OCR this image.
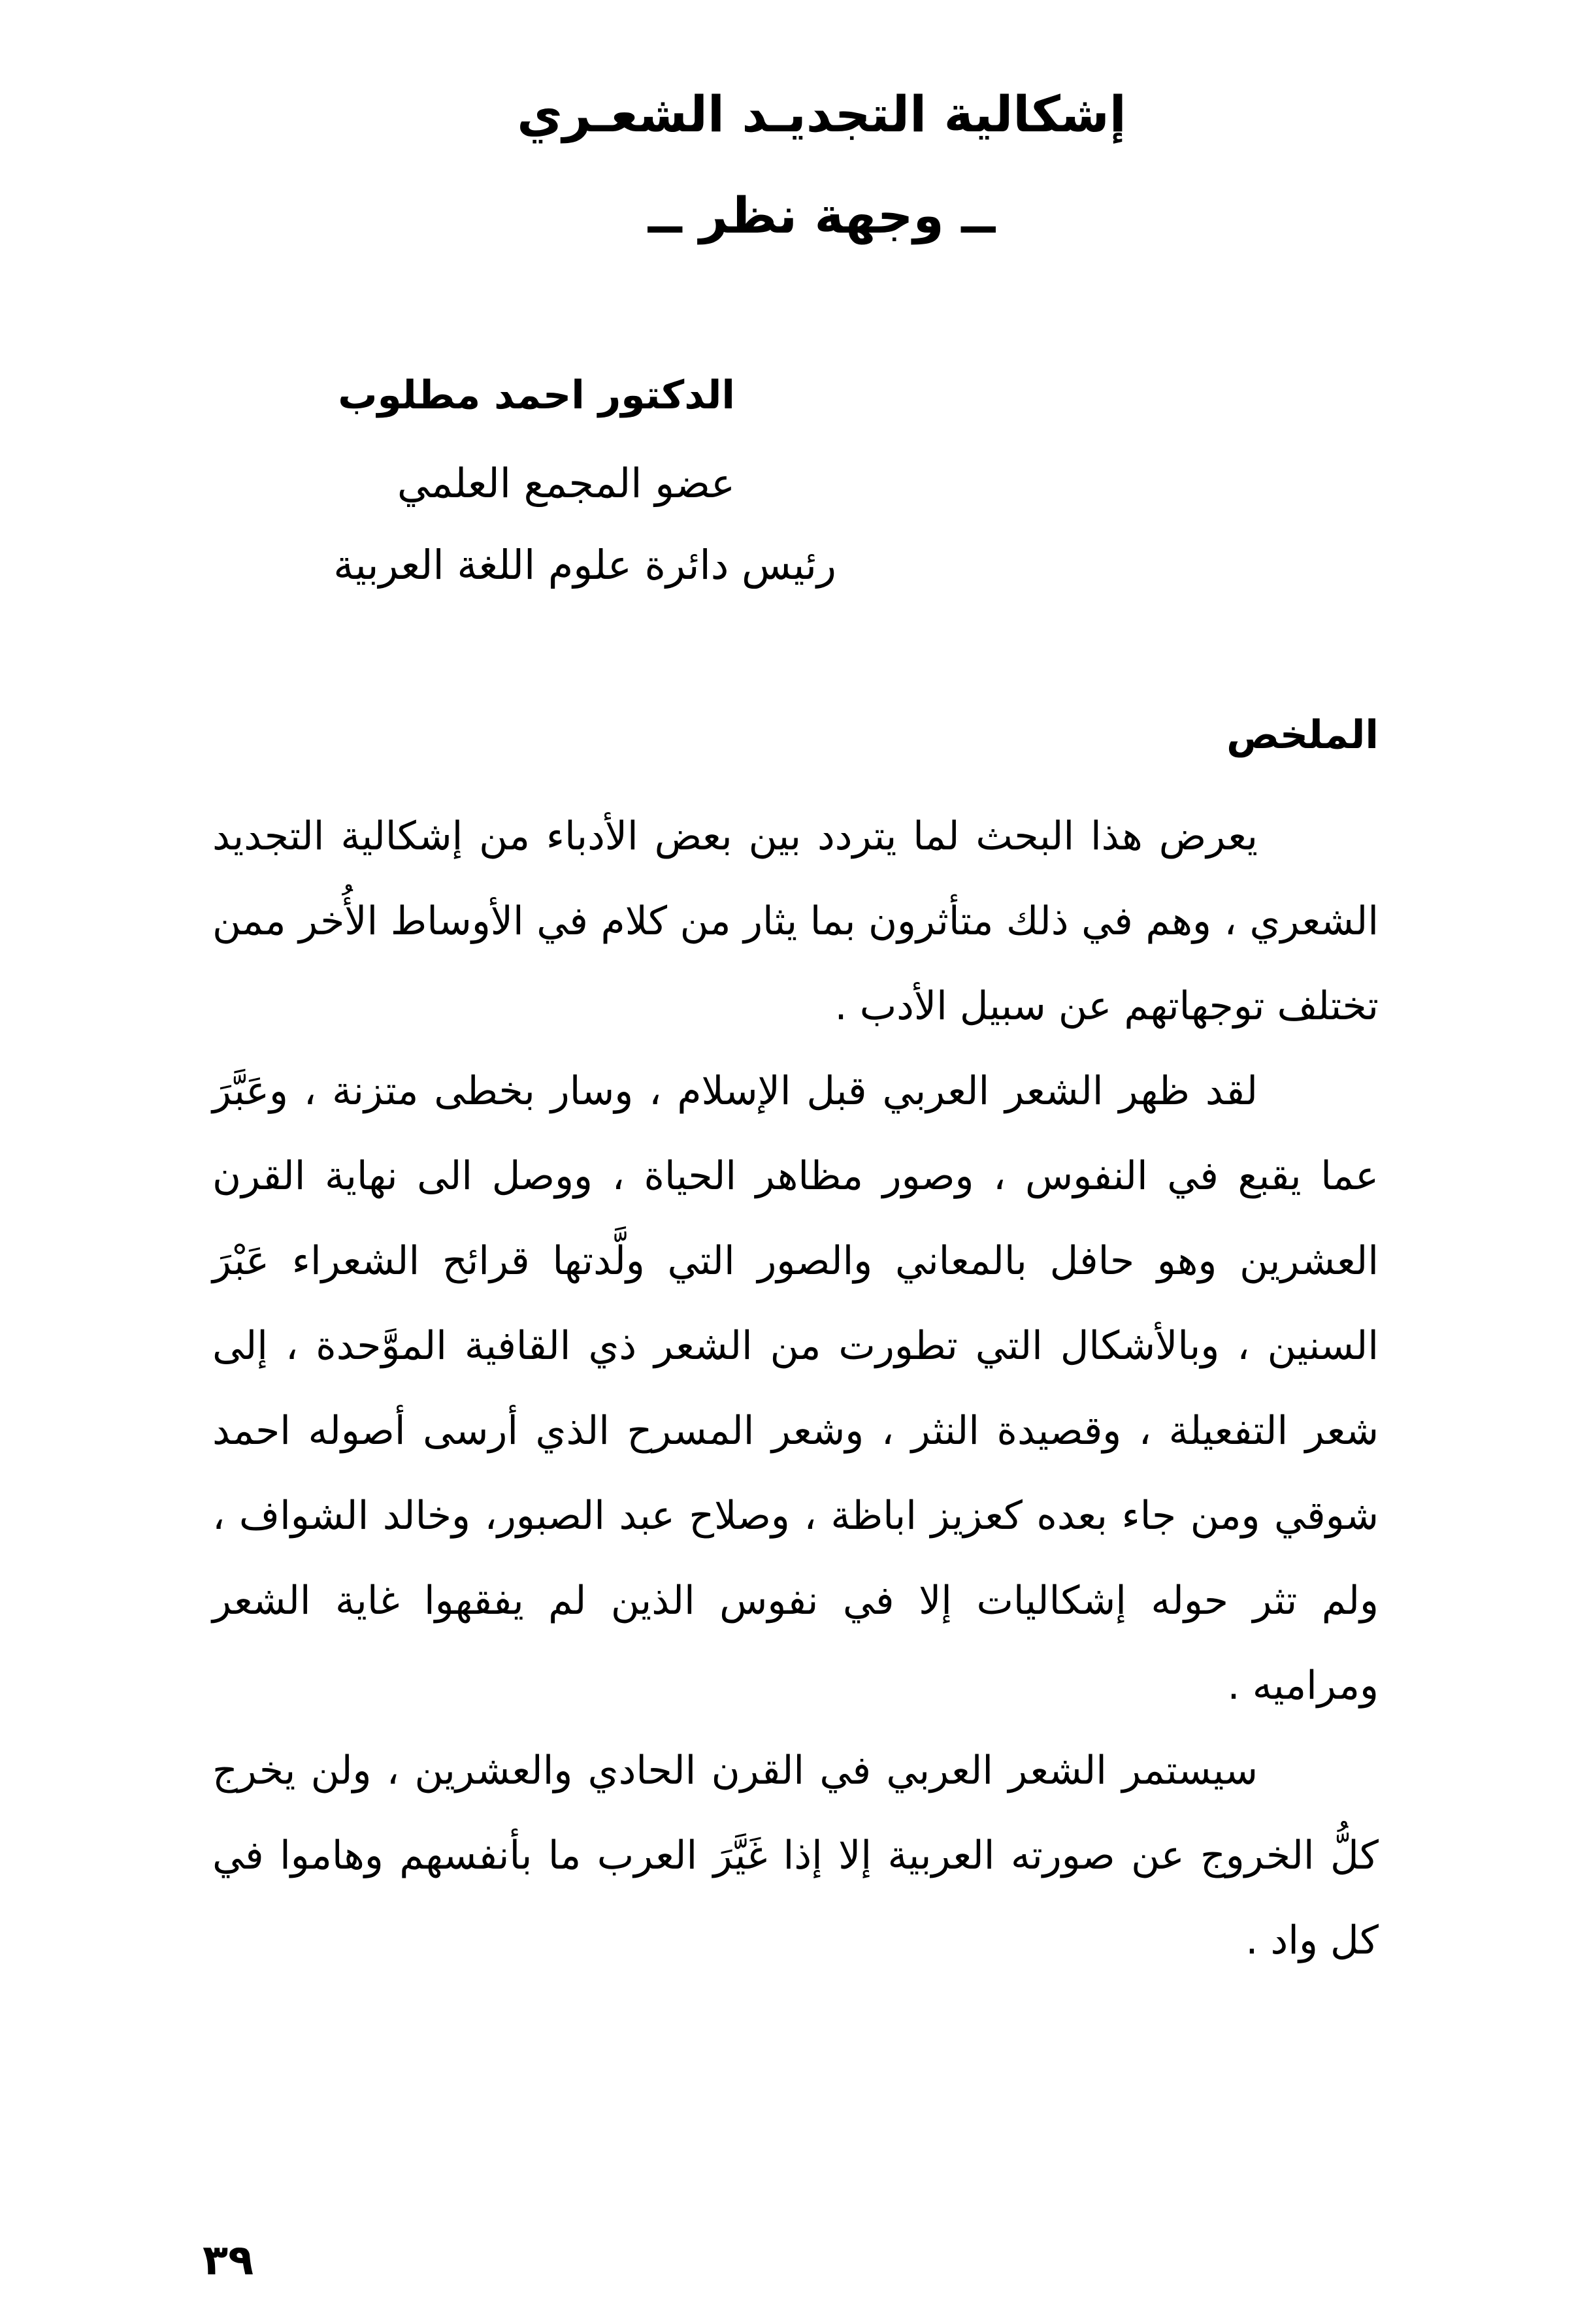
إشكالية التجديـد الشعـري
ــ وجهة نظر ــ
الدكتور احمد مطلوب
عضو المجمع العلمي
رئيس دائرة علوم اللغة العربية
الملخص

يعرض هذا البحث لما يتردد بين بعض الأدباء من إشكالية التجديد الشعري ، وهم في ذلك متأثرون بما يثار من كلام في الأوساط الأُخر ممن تختلف توجهاتهم عن سبيل الأدب .

لقد ظهر الشعر العربي قبل الإسلام ، وسار بخطى متزنة ، وعَبَّرَ عما يقبع في النفوس ، وصور مظاهر الحياة ، ووصل الى نهاية القرن العشرين وهو حافل بالمعاني والصور التي ولَّدتها قرائح الشعراء عَبْرَ السنين ، وبالأشكال التي تطورت من الشعر ذي القافية الموَّحدة ، إلى شعر التفعيلة ، وقصيدة النثر ، وشعر المسرح الذي أرسى أصوله احمد شوقي ومن جاء بعده كعزيز اباظة ، وصلاح عبد الصبور، وخالد الشواف ، ولم تثر حوله إشكاليات إلا في نفوس الذين لم يفقهوا غاية الشعر ومراميه .

سيستمر الشعر العربي في القرن الحادي والعشرين ، ولن يخرج كلُّ الخروج عن صورته العربية إلا إذا غَيَّرَ العرب ما بأنفسهم وهاموا في كل واد .

٣٩
